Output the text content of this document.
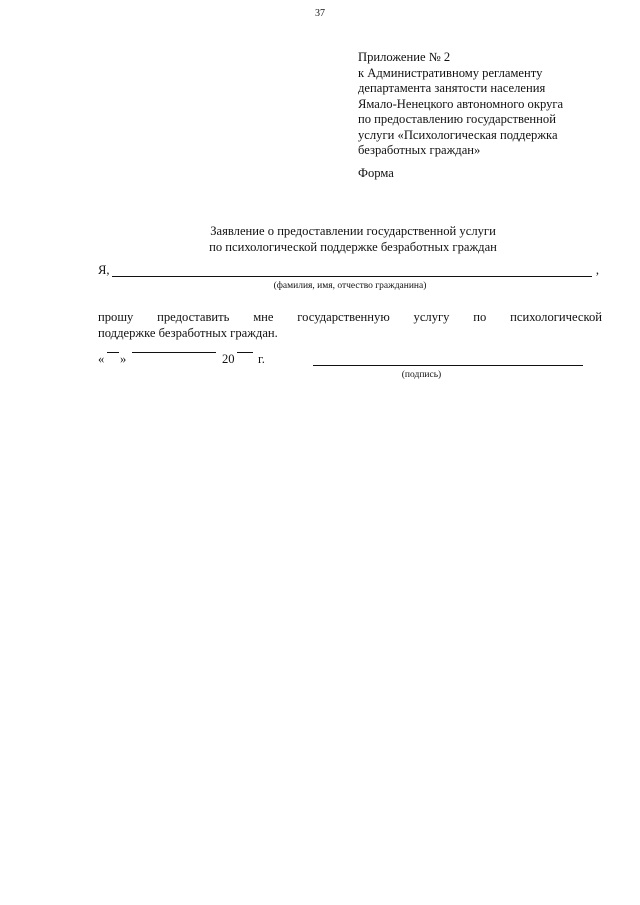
37
Приложение № 2
к Административному регламенту
департамента занятости населения
Ямало-Ненецкого автономного округа
по предоставлению государственной
услуги «Психологическая поддержка
безработных граждан»
Форма
Заявление о предоставлении государственной услуги
по психологической поддержке безработных граждан
Я,	,
(фамилия, имя, отчество гражданина)
прошу предоставить мне государственную услугу по психологической
поддержке безработных граждан.
« »	20 г.
(подпись)
